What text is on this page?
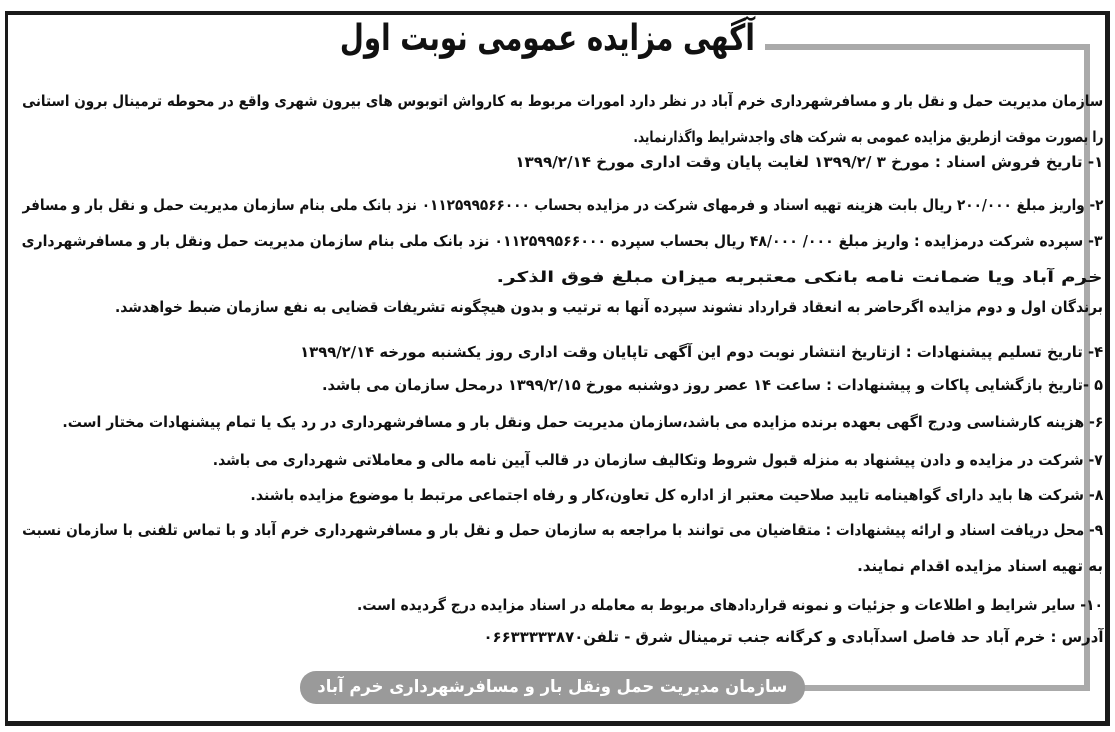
آگهی مزایده عمومی نوبت اول
سازمان مدیریت حمل و نقل بار و مسافرشهرداری خرم آباد در نظر دارد امورات مربوط به کارواش اتوبوس های بیرون شهری واقع در محوطه ترمینال برون استانی
را بصورت موقت ازطریق مزایده عمومی به شرکت های واجدشرایط واگذارنماید.
۱- تاریخ فروش اسناد : مورخ ۳ /۱۳۹۹/۲ لغایت پایان وقت اداری مورخ ۱۳۹۹/۲/۱۴
۲- واریز مبلغ ۲۰۰/۰۰۰ ریال بابت هزینه تهیه اسناد و فرمهای شرکت در مزایده بحساب ۰۱۱۲۵۹۹۵۶۶۰۰۰ نزد بانک ملی بنام سازمان مدیریت حمل و نقل بار و مسافر
۳- سپرده شرکت درمزایده : واریز مبلغ ۰۰۰/ ۴۸/۰۰۰ ریال بحساب سپرده ۰۱۱۲۵۹۹۵۶۶۰۰۰ نزد بانک ملی بنام سازمان مدیریت حمل ونقل بار و مسافرشهرداری
خرم آباد ویا ضمانت نامه بانکی معتبربه میزان مبلغ فوق الذکر.
برندگان اول و دوم مزایده اگرحاضر به انعقاد قرارداد نشوند سپرده آنها به ترتیب و بدون هیچگونه تشریفات قضایی به نفع سازمان ضبط خواهدشد.
۴- تاریخ تسلیم پیشنهادات : ازتاریخ انتشار نوبت دوم این آگهی تاپایان وقت اداری روز یکشنبه مورخه ۱۳۹۹/۲/۱۴
۵ -تاریخ بازگشایی پاکات و پیشنهادات : ساعت ۱۴ عصر روز دوشنبه مورخ ۱۳۹۹/۲/۱۵ درمحل سازمان می باشد.
۶- هزینه کارشناسی ودرج اگهی بعهده برنده مزایده می باشد،سازمان مدیریت حمل ونقل بار و مسافرشهرداری در رد یک یا تمام پیشنهادات مختار است.
۷- شرکت در مزایده و دادن پیشنهاد به منزله قبول شروط وتکالیف سازمان در قالب آیین نامه مالی و معاملاتی شهرداری می باشد.
۸- شرکت ها باید دارای گواهینامه تایید صلاحیت معتبر از اداره کل تعاون،کار و رفاه اجتماعی مرتبط با موضوع مزایده باشند.
۹- محل دریافت اسناد و ارائه پیشنهادات : متقاضیان می توانند با مراجعه به سازمان حمل و نقل بار و مسافرشهرداری خرم آباد و با تماس تلفنی با سازمان نسبت
به تهیه اسناد مزایده اقدام نمایند.
۱۰- سایر شرایط و اطلاعات و جزئیات و نمونه قراردادهای مربوط به معامله در اسناد مزایده درج گردیده است.
آدرس : خرم آباد حد فاصل اسدآبادی و کرگانه جنب ترمینال شرق - تلفن۰۶۶۳۳۳۳۳۸۷۰
سازمان مدیریت حمل ونقل بار و مسافرشهرداری خرم آباد
